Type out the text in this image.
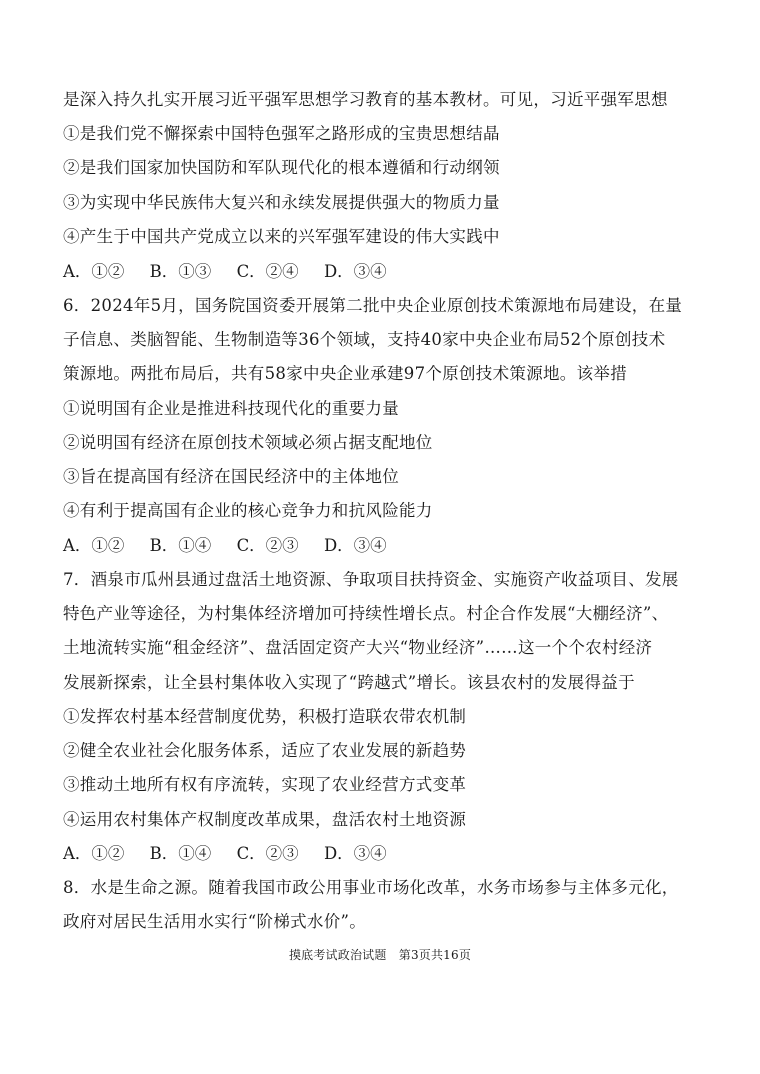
是深入持久扎实开展习近平强军思想学习教育的基本教材。可见，习近平强军思想
①是我们党不懈探索中国特色强军之路形成的宝贵思想结晶
②是我们国家加快国防和军队现代化的根本遵循和行动纲领
③为实现中华民族伟大复兴和永续发展提供强大的物质力量
④产生于中国共产党成立以来的兴军强军建设的伟大实践中
A．①② B．①③ C．②④ D．③④
6．2024年5月，国务院国资委开展第二批中央企业原创技术策源地布局建设，在量
子信息、类脑智能、生物制造等36个领域，支持40家中央企业布局52个原创技术
策源地。两批布局后，共有58家中央企业承建97个原创技术策源地。该举措
①说明国有企业是推进科技现代化的重要力量
②说明国有经济在原创技术领域必须占据支配地位
③旨在提高国有经济在国民经济中的主体地位
④有利于提高国有企业的核心竞争力和抗风险能力
A．①② B．①④ C．②③ D．③④
7．酒泉市瓜州县通过盘活土地资源、争取项目扶持资金、实施资产收益项目、发展
特色产业等途径，为村集体经济增加可持续性增长点。村企合作发展“大棚经济”、
土地流转实施“租金经济”、盘活固定资产大兴“物业经济”……这一个个农村经济
发展新探索，让全县村集体收入实现了“跨越式”增长。该县农村的发展得益于
①发挥农村基本经营制度优势，积极打造联农带农机制
②健全农业社会化服务体系，适应了农业发展的新趋势
③推动土地所有权有序流转，实现了农业经营方式变革
④运用农村集体产权制度改革成果，盘活农村土地资源
A．①② B．①④ C．②③ D．③④
8．水是生命之源。随着我国市政公用事业市场化改革，水务市场参与主体多元化，
政府对居民生活用水实行“阶梯式水价”。
摸底考试政治试题　第3页共16页
